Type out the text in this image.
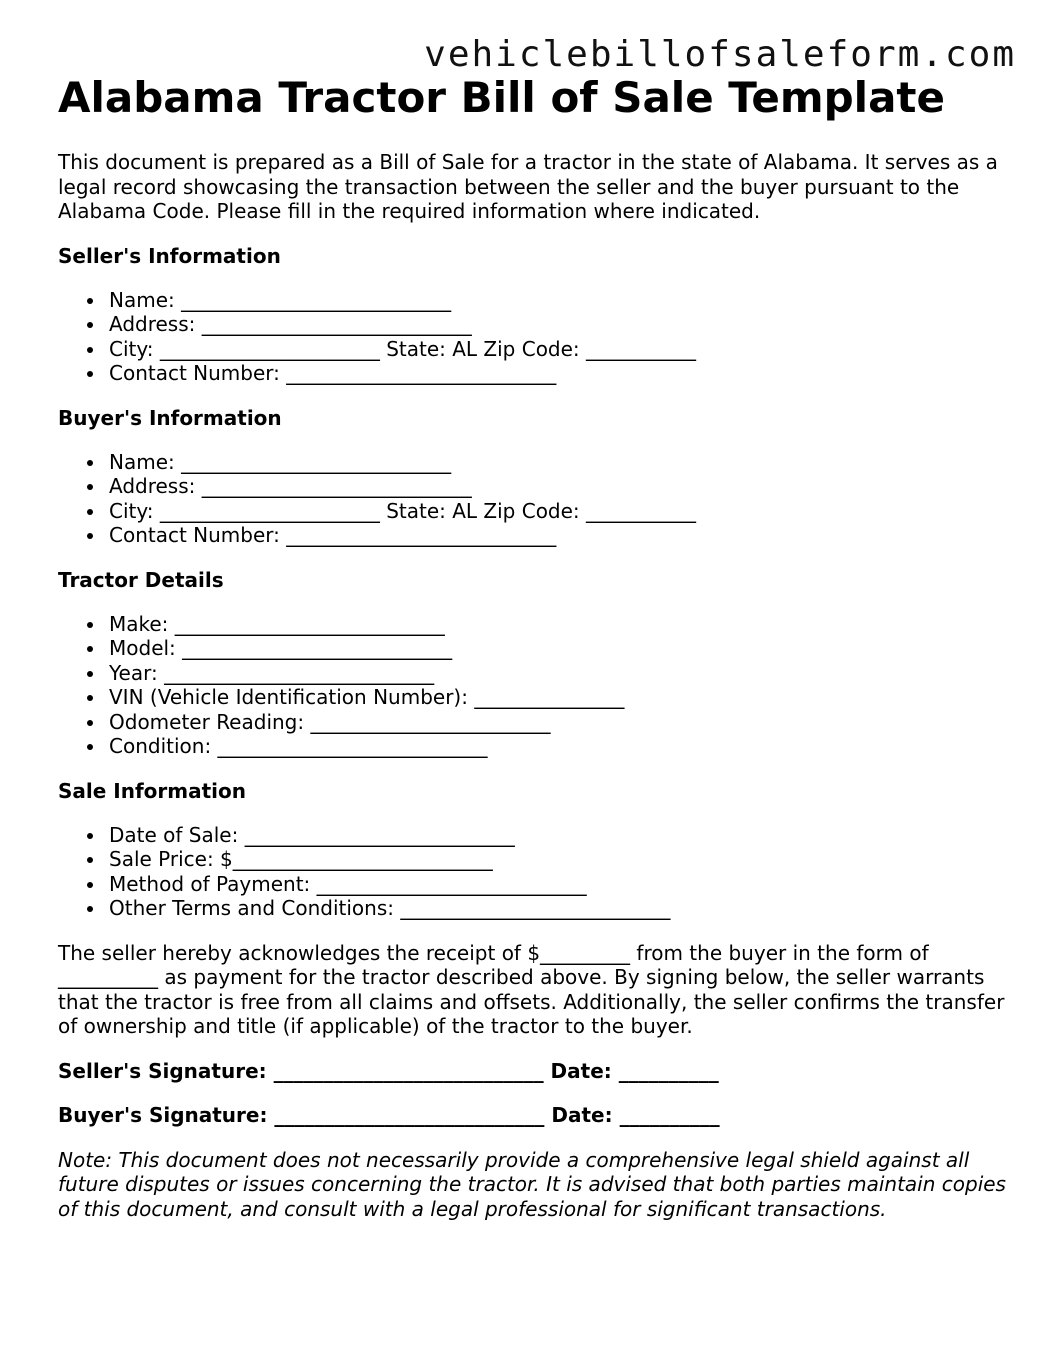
vehiclebillofsaleform.com
Alabama Tractor Bill of Sale Template

This document is prepared as a Bill of Sale for a tractor in the state of Alabama. It serves as a legal record showcasing the transaction between the seller and the buyer pursuant to the Alabama Code. Please fill in the required information where indicated.

Seller's Information
Name: ___________________________
Address: ___________________________
City: ______________________ State: AL Zip Code: ___________
Contact Number: ___________________________
Buyer's Information
Name: ___________________________
Address: ___________________________
City: ______________________ State: AL Zip Code: ___________
Contact Number: ___________________________
Tractor Details
Make: ___________________________
Model: ___________________________
Year: ___________________________
VIN (Vehicle Identification Number): _______________
Odometer Reading: ________________________
Condition: ___________________________
Sale Information
Date of Sale: ___________________________
Sale Price: $__________________________
Method of Payment: ___________________________
Other Terms and Conditions: ___________________________

The seller hereby acknowledges the receipt of $_________ from the buyer in the form of __________ as payment for the tractor described above. By signing below, the seller warrants that the tractor is free from all claims and offsets. Additionally, the seller confirms the transfer of ownership and title (if applicable) of the tractor to the buyer.

Seller's Signature: ___________________________ Date: __________

Buyer's Signature: ___________________________ Date: __________

Note: This document does not necessarily provide a comprehensive legal shield against all future disputes or issues concerning the tractor. It is advised that both parties maintain copies of this document, and consult with a legal professional for significant transactions.
